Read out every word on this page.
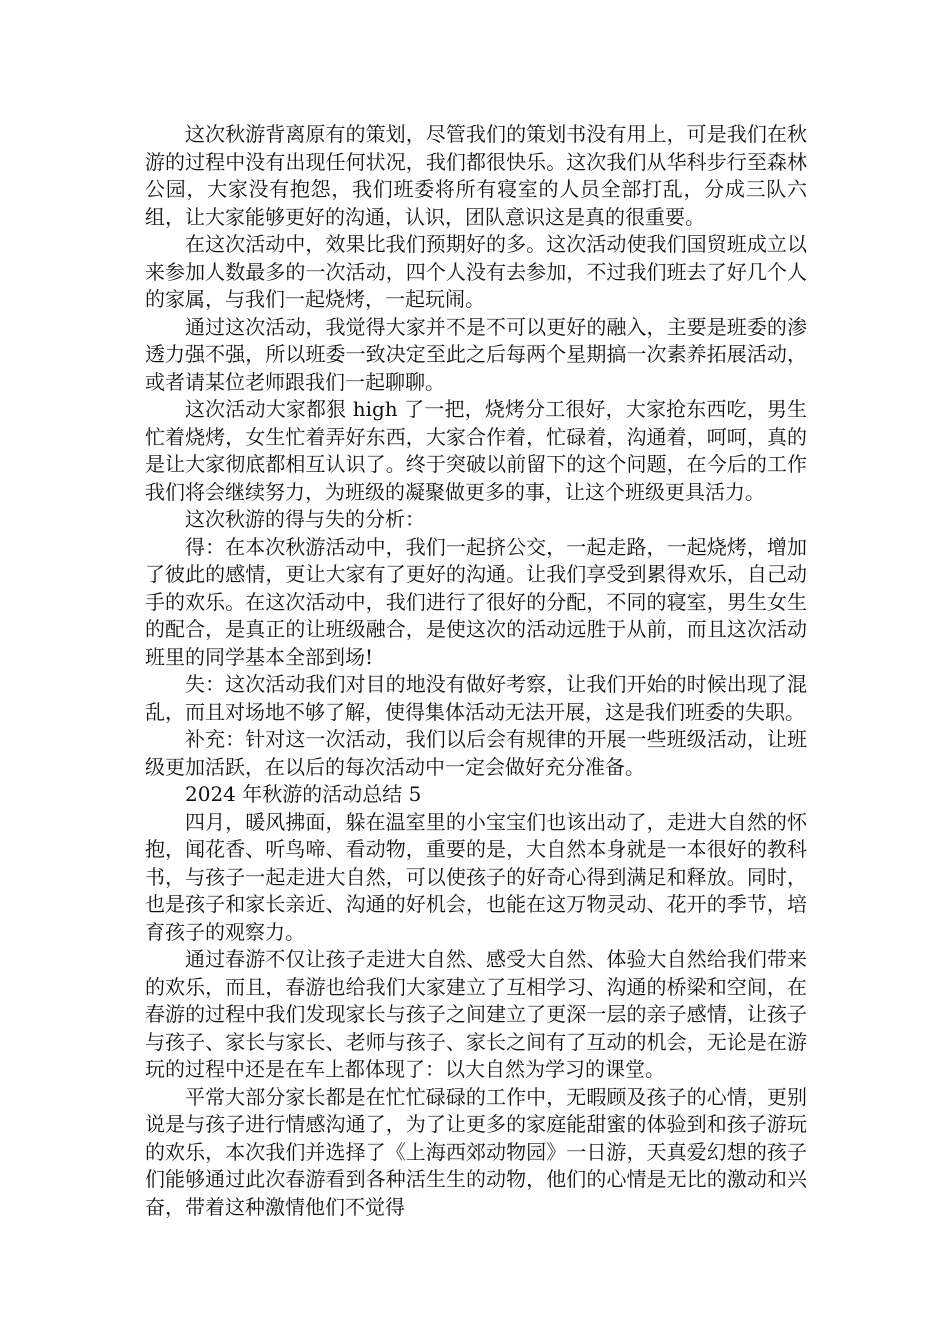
这次秋游背离原有的策划，尽管我们的策划书没有用上，可是我们在秋游的过程中没有出现任何状况，我们都很快乐。这次我们从华科步行至森林公园，大家没有抱怨，我们班委将所有寝室的人员全部打乱，分成三队六组，让大家能够更好的沟通，认识，团队意识这是真的很重要。

在这次活动中，效果比我们预期好的多。这次活动使我们国贸班成立以来参加人数最多的一次活动，四个人没有去参加，不过我们班去了好几个人的家属，与我们一起烧烤，一起玩闹。

通过这次活动，我觉得大家并不是不可以更好的融入，主要是班委的渗透力强不强，所以班委一致决定至此之后每两个星期搞一次素养拓展活动，或者请某位老师跟我们一起聊聊。

这次活动大家都狠 high 了一把，烧烤分工很好，大家抢东西吃，男生忙着烧烤，女生忙着弄好东西，大家合作着，忙碌着，沟通着，呵呵，真的是让大家彻底都相互认识了。终于突破以前留下的这个问题，在今后的工作我们将会继续努力，为班级的凝聚做更多的事，让这个班级更具活力。

这次秋游的得与失的分析：

得：在本次秋游活动中，我们一起挤公交，一起走路，一起烧烤，增加了彼此的感情，更让大家有了更好的沟通。让我们享受到累得欢乐，自己动手的欢乐。在这次活动中，我们进行了很好的分配，不同的寝室，男生女生的配合，是真正的让班级融合，是使这次的活动远胜于从前，而且这次活动班里的同学基本全部到场!

失：这次活动我们对目的地没有做好考察，让我们开始的时候出现了混乱，而且对场地不够了解，使得集体活动无法开展，这是我们班委的失职。

补充：针对这一次活动，我们以后会有规律的开展一些班级活动，让班级更加活跃，在以后的每次活动中一定会做好充分准备。

2024 年秋游的活动总结 5

四月，暖风拂面，躲在温室里的小宝宝们也该出动了，走进大自然的怀抱，闻花香、听鸟啼、看动物，重要的是，大自然本身就是一本很好的教科书，与孩子一起走进大自然，可以使孩子的好奇心得到满足和释放。同时，也是孩子和家长亲近、沟通的好机会，也能在这万物灵动、花开的季节，培育孩子的观察力。

通过春游不仅让孩子走进大自然、感受大自然、体验大自然给我们带来的欢乐，而且，春游也给我们大家建立了互相学习、沟通的桥梁和空间，在春游的过程中我们发现家长与孩子之间建立了更深一层的亲子感情，让孩子与孩子、家长与家长、老师与孩子、家长之间有了互动的机会，无论是在游玩的过程中还是在车上都体现了：以大自然为学习的课堂。

平常大部分家长都是在忙忙碌碌的工作中，无暇顾及孩子的心情，更别说是与孩子进行情感沟通了，为了让更多的家庭能甜蜜的体验到和孩子游玩的欢乐，本次我们并选择了《上海西郊动物园》一日游，天真爱幻想的孩子们能够通过此次春游看到各种活生生的动物，他们的心情是无比的激动和兴奋，带着这种激情他们不觉得
